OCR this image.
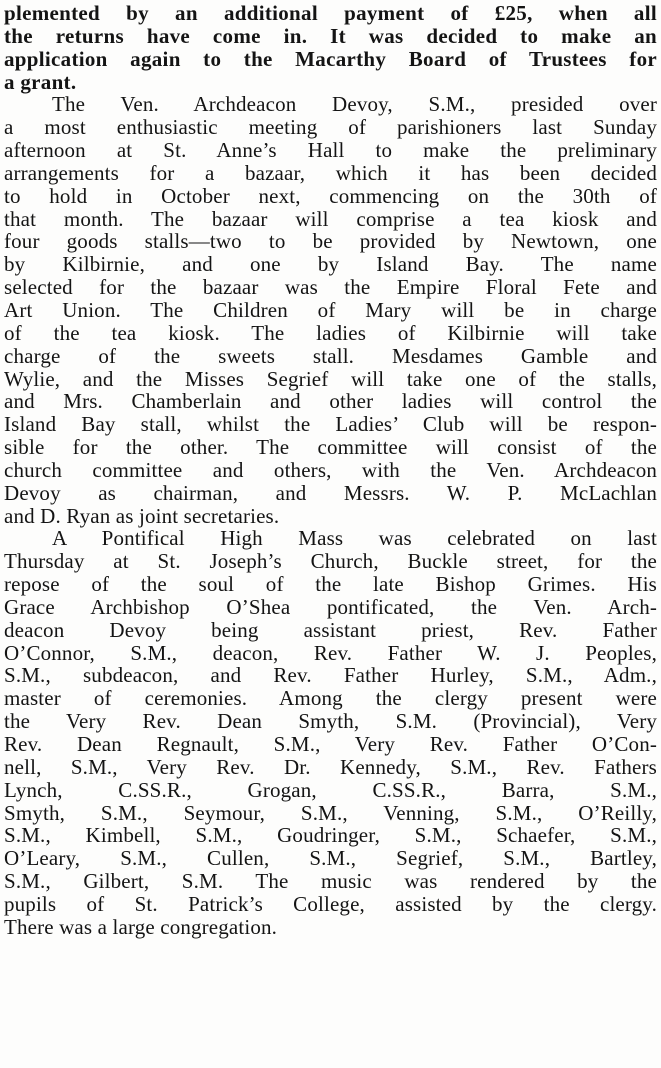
plemented by an additional payment of £25, when all
the returns have come in. It was decided to make an
application again to the Macarthy Board of Trustees for
a grant.
The Ven. Archdeacon Devoy, S.M., presided over
a most enthusiastic meeting of parishioners last Sunday
afternoon at St. Anne’s Hall to make the preliminary
arrangements for a bazaar, which it has been decided
to hold in October next, commencing on the 30th of
that month. The bazaar will comprise a tea kiosk and
four goods stalls—two to be provided by Newtown, one
by Kilbirnie, and one by Island Bay. The name
selected for the bazaar was the Empire Floral Fete and
Art Union. The Children of Mary will be in charge
of the tea kiosk. The ladies of Kilbirnie will take
charge of the sweets stall. Mesdames Gamble and
Wylie, and the Misses Segrief will take one of the stalls,
and Mrs. Chamberlain and other ladies will control the
Island Bay stall, whilst the Ladies’ Club will be respon-
sible for the other. The committee will consist of the
church committee and others, with the Ven. Archdeacon
Devoy as chairman, and Messrs. W. P. McLachlan
and D. Ryan as joint secretaries.
A Pontifical High Mass was celebrated on last
Thursday at St. Joseph’s Church, Buckle street, for the
repose of the soul of the late Bishop Grimes. His
Grace Archbishop O’Shea pontificated, the Ven. Arch-
deacon Devoy being assistant priest, Rev. Father
O’Connor, S.M., deacon, Rev. Father W. J. Peoples,
S.M., subdeacon, and Rev. Father Hurley, S.M., Adm.,
master of ceremonies. Among the clergy present were
the Very Rev. Dean Smyth, S.M. (Provincial), Very
Rev. Dean Regnault, S.M., Very Rev. Father O’Con-
nell, S.M., Very Rev. Dr. Kennedy, S.M., Rev. Fathers
Lynch, C.SS.R., Grogan, C.SS.R., Barra, S.M.,
Smyth, S.M., Seymour, S.M., Venning, S.M., O’Reilly,
S.M., Kimbell, S.M., Goudringer, S.M., Schaefer, S.M.,
O’Leary, S.M., Cullen, S.M., Segrief, S.M., Bartley,
S.M., Gilbert, S.M. The music was rendered by the
pupils of St. Patrick’s College, assisted by the clergy.
There was a large congregation.
